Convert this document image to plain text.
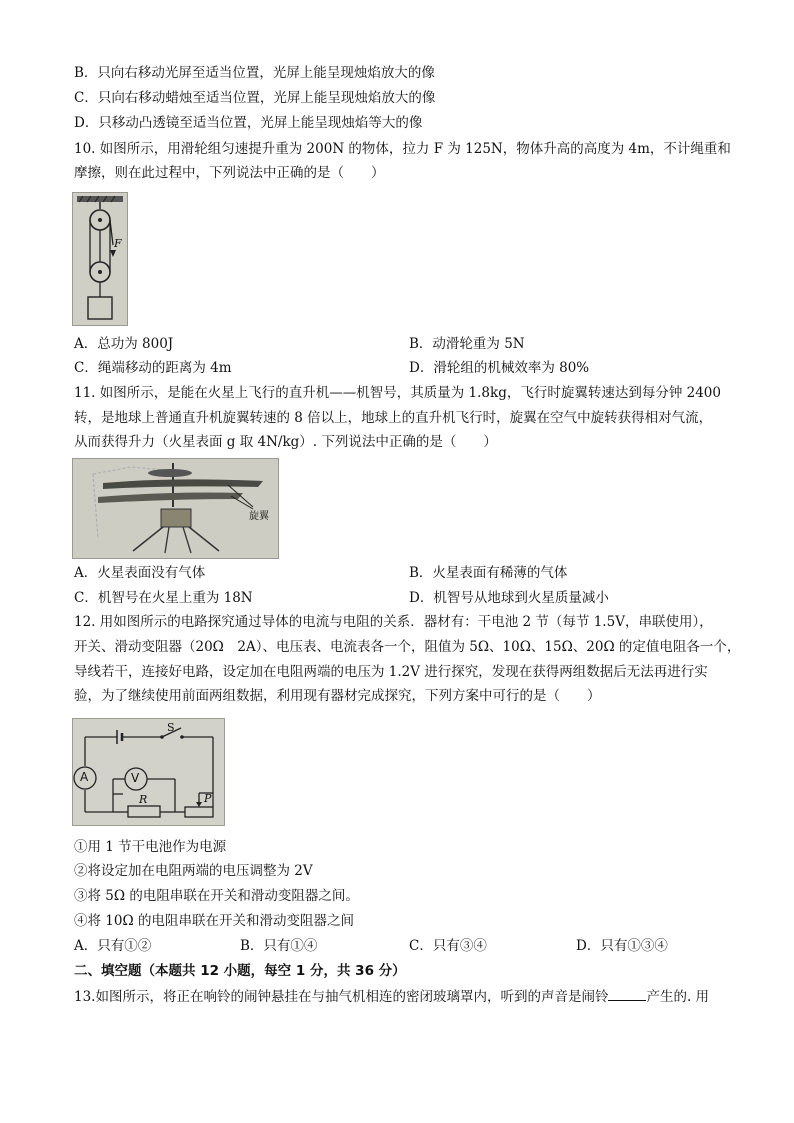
B．只向右移动光屏至适当位置，光屏上能呈现烛焰放大的像
C．只向右移动蜡烛至适当位置，光屏上能呈现烛焰放大的像
D．只移动凸透镜至适当位置，光屏上能呈现烛焰等大的像
10. 如图所示，用滑轮组匀速提升重为 200N 的物体，拉力 F 为 125N，物体升高的高度为 4m，不计绳重和
摩擦，则在此过程中，下列说法中正确的是（　　）
F
A．总功为 800J	B．动滑轮重为 5N
C．绳端移动的距离为 4m	D．滑轮组的机械效率为 80%
11. 如图所示，是能在火星上飞行的直升机——机智号，其质量为 1.8kg，飞行时旋翼转速达到每分钟 2400
转，是地球上普通直升机旋翼转速的 8 倍以上，地球上的直升机飞行时，旋翼在空气中旋转获得相对气流，
从而获得升力（火星表面 g 取 4N/kg）. 下列说法中正确的是（　　）
旋翼
A．火星表面没有气体	B．火星表面有稀薄的气体
C．机智号在火星上重为 18N	D．机智号从地球到火星质量减小
12. 用如图所示的电路探究通过导体的电流与电阻的关系．器材有：干电池 2 节（每节 1.5V，串联使用），
开关、滑动变阻器（20Ω　2A）、电压表、电流表各一个，阻值为 5Ω、10Ω、15Ω、20Ω 的定值电阻各一个，
导线若干，连接好电路，设定加在电阻两端的电压为 1.2V 进行探究，发现在获得两组数据后无法再进行实
验，为了继续使用前面两组数据，利用现有器材完成探究，下列方案中可行的是（　　）
S
A	V
R	P
①用 1 节干电池作为电源
②将设定加在电阻两端的电压调整为 2V
③将 5Ω 的电阻串联在开关和滑动变阻器之间。
④将 10Ω 的电阻串联在开关和滑动变阻器之间
A．只有①②	B．只有①④	C．只有③④	D．只有①③④
二、填空题（本题共 12 小题，每空 1 分，共 36 分）
13.如图所示，将正在响铃的闹钟悬挂在与抽气机相连的密闭玻璃罩内，听到的声音是闹铃	产生的. 用
